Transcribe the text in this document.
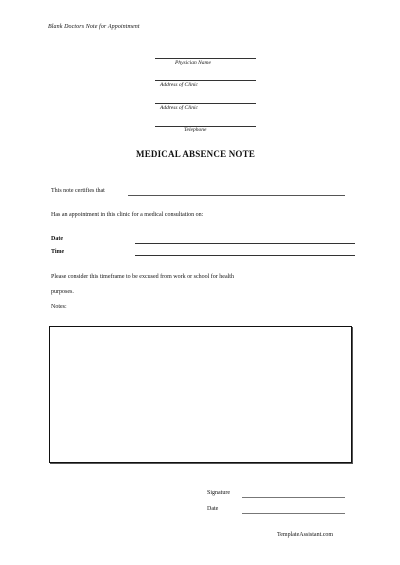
Blank Doctors Note for Appointment
Physician Name
Address of Clinic
Address of Clinic
Telephone
MEDICAL ABSENCE NOTE
This note certifies that
Has an appointment in this clinic for a medical consultation on:
Date
Time
Please consider this timeframe to be excused from work or school for health
purposes.
Notes:
Signature
Date
TemplateAssistant.com
